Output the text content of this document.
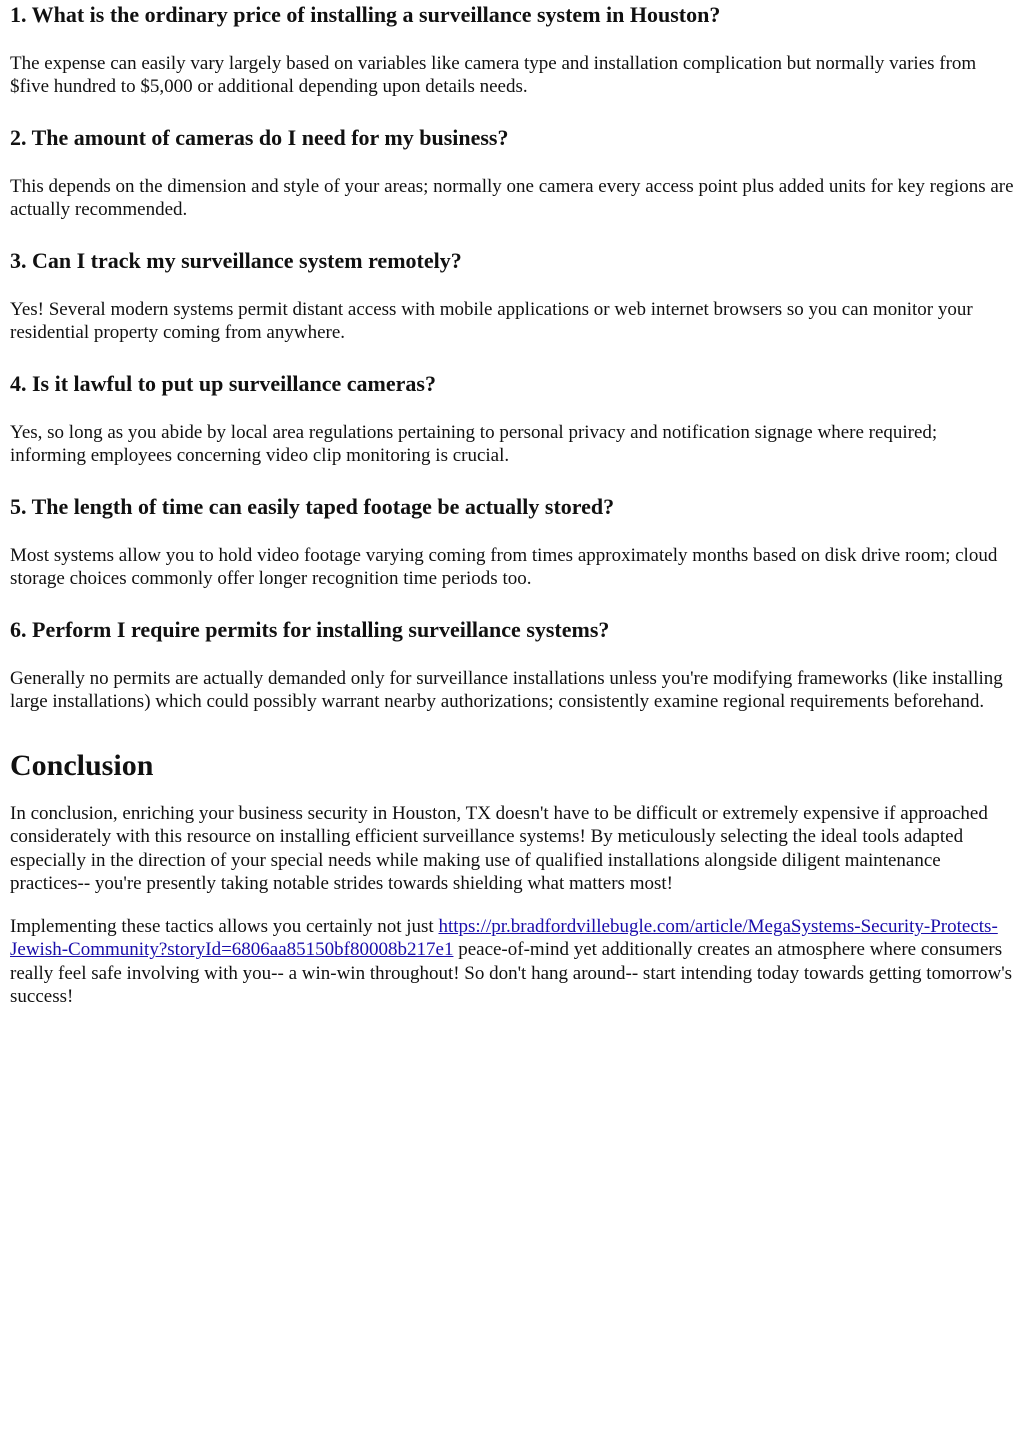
1. What is the ordinary price of installing a surveillance system in Houston?

The expense can easily vary largely based on variables like camera type and installation complication but normally varies from $five hundred to $5,000 or additional depending upon details needs.

2. The amount of cameras do I need for my business?

This depends on the dimension and style of your areas; normally one camera every access point plus added units for key regions are actually recommended.

3. Can I track my surveillance system remotely?

Yes! Several modern systems permit distant access with mobile applications or web internet browsers so you can monitor your residential property coming from anywhere.

4. Is it lawful to put up surveillance cameras?

Yes, so long as you abide by local area regulations pertaining to personal privacy and notification signage where required; informing employees concerning video clip monitoring is crucial.

5. The length of time can easily taped footage be actually stored?

Most systems allow you to hold video footage varying coming from times approximately months based on disk drive room; cloud storage choices commonly offer longer recognition time periods too.

6. Perform I require permits for installing surveillance systems?

Generally no permits are actually demanded only for surveillance installations unless you're modifying frameworks (like installing large installations) which could possibly warrant nearby authorizations; consistently examine regional requirements beforehand.

Conclusion

In conclusion, enriching your business security in Houston, TX doesn't have to be difficult or extremely expensive if approached considerately with this resource on installing efficient surveillance systems! By meticulously selecting the ideal tools adapted especially in the direction of your special needs while making use of qualified installations alongside diligent maintenance practices-- you're presently taking notable strides towards shielding what matters most!

Implementing these tactics allows you certainly not just https://pr.bradfordvillebugle.com/article/MegaSystems-Security-Protects-Jewish-Community?storyId=6806aa85150bf80008b217e1 peace-of-mind yet additionally creates an atmosphere where consumers really feel safe involving with you-- a win-win throughout! So don't hang around-- start intending today towards getting tomorrow's success!
